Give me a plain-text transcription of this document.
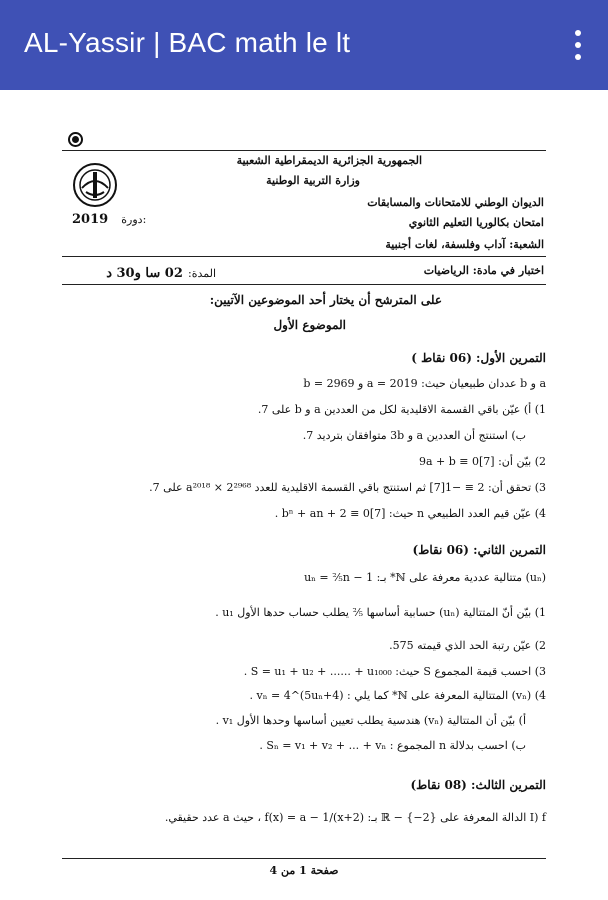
AL-Yassir | BAC math le lt
الجمهورية الجزائرية الديمقراطية الشعبية
وزارة التربية الوطنية
الديوان الوطني للامتحانات والمسابقات
امتحان بكالوريا التعليم الثانوي
الشعبة: آداب وفلسفة، لغات أجنبية
2019 دورة:
اختبار في مادة: الرياضيات
المدة: 02 سا و30 د
على المترشح أن يختار أحد الموضوعين الآتيين:
الموضوع الأول
التمرين الأول: (06 نقاط )
a و b عددان طبيعيان حيث: a = 2019 و b = 2969
1) أ) عيّن باقي القسمة الاقليدية لكل من العددين a و b على 7.
ب) استنتج أن العددين a و 3b متوافقان بترديد 7.
2) بيّن أن: 9a + b ≡ 0[7]
3) تحقق أن: 2 ≡ −1[7] ثم استنتج باقي القسمة الاقليدية للعدد 2²⁹⁶⁸ × a²⁰¹⁸ على 7.
4) عيّن قيم العدد الطبيعي n حيث: bⁿ + an + 2 ≡ 0[7] .
التمرين الثاني: (06 نقاط)
(uₙ) متتالية عددية معرفة على ℕ* بـ: uₙ = ⅖n − 1
1) بيّن أنّ المتتالية (uₙ) حسابية أساسها ⅖ يطلب حساب حدها الأول u₁ .
2) عيّن رتبة الحد الذي قيمته 575.
3) احسب قيمة المجموع S حيث: S = u₁ + u₂ + ...... + u₁₀₀₀ .
4) (vₙ) المتتالية المعرفة على ℕ* كما يلي : vₙ = 4^(5uₙ+4) .
أ) بيّن أن المتتالية (vₙ) هندسية يطلب تعيين أساسها وحدها الأول v₁ .
ب) احسب بدلالة n المجموع : Sₙ = v₁ + v₂ + ... + vₙ .
التمرين الثالث: (08 نقاط)
I) f الدالة المعرفة على ℝ − {−2} بـ: f(x) = a − 1/(x+2) ، حيث a عدد حقيقي.
صفحة 1 من 4
